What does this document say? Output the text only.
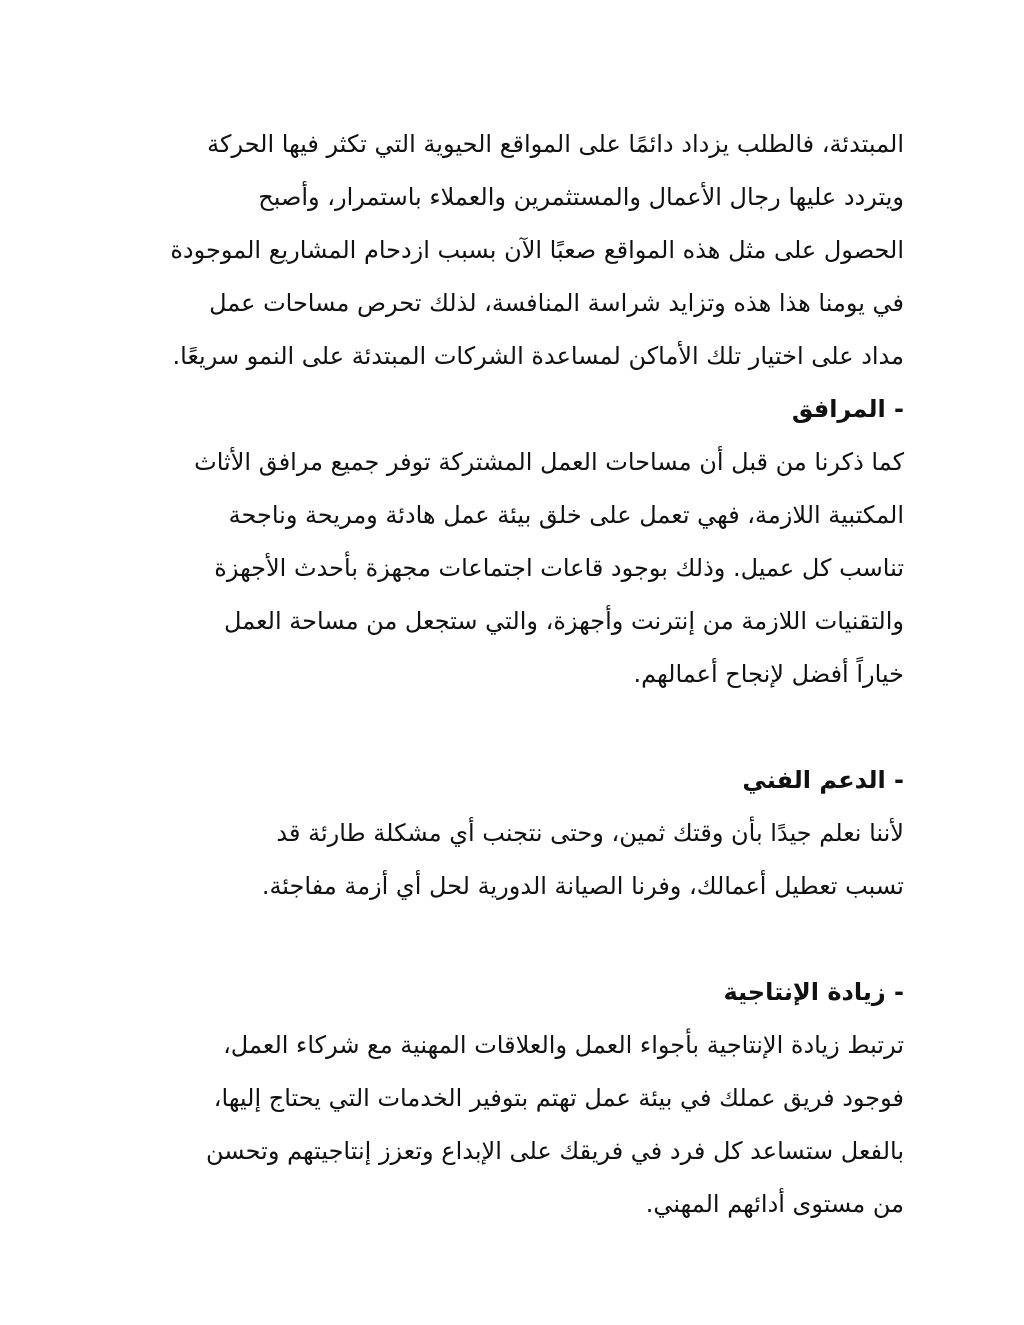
المبتدئة، فالطلب يزداد دائمًا على المواقع الحيوية التي تكثر فيها الحركة
ويتردد عليها رجال الأعمال والمستثمرين والعملاء باستمرار، وأصبح
الحصول على مثل هذه المواقع صعبًا الآن بسبب ازدحام المشاريع الموجودة
في يومنا هذا هذه وتزايد شراسة المنافسة، لذلك تحرص مساحات عمل
مداد على اختيار تلك الأماكن لمساعدة الشركات المبتدئة على النمو سريعًا.
- المرافق
كما ذكرنا من قبل أن مساحات العمل المشتركة توفر جميع مرافق الأثاث
المكتبية اللازمة، فهي تعمل على خلق بيئة عمل هادئة ومريحة وناجحة
تناسب كل عميل. وذلك بوجود قاعات اجتماعات مجهزة بأحدث الأجهزة
والتقنيات اللازمة من إنترنت وأجهزة، والتي ستجعل من مساحة العمل
خياراً أفضل لإنجاح أعمالهم.
- الدعم الفني
لأننا نعلم جيدًا بأن وقتك ثمين، وحتى نتجنب أي مشكلة طارئة قد
تسبب تعطيل أعمالك، وفرنا الصيانة الدورية لحل أي أزمة مفاجئة.
- زيادة الإنتاجية
ترتبط زيادة الإنتاجية بأجواء العمل والعلاقات المهنية مع شركاء العمل،
فوجود فريق عملك في بيئة عمل تهتم بتوفير الخدمات التي يحتاج إليها،
بالفعل ستساعد كل فرد في فريقك على الإبداع وتعزز إنتاجيتهم وتحسن
من مستوى أدائهم المهني.
